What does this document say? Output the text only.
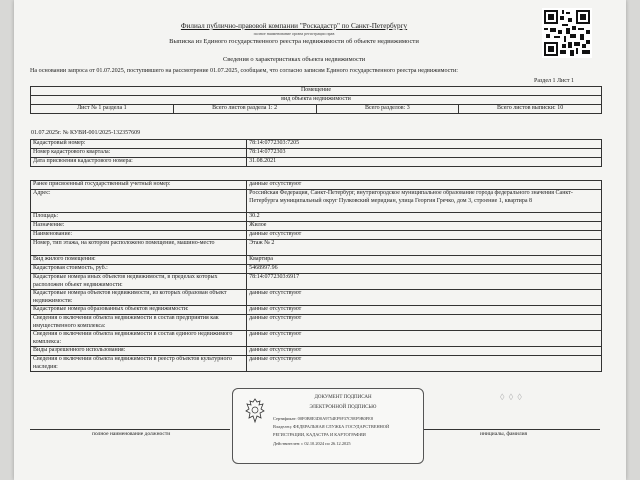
Филиал публично-правовой компании "Роскадастр" по Санкт-Петербургу
полное наименование органа регистрации прав
Выписка из Единого государственного реестра недвижимости об объекте недвижимости
Сведения о характеристиках объекта недвижимости
На основании запроса от 01.07.2025, поступившего на рассмотрение 01.07.2025, сообщаем, что согласно записям Единого государственного реестра недвижимости:
Раздел 1 Лист 1
Помещение
вид объекта недвижимости
Лист № 1 раздела 1	Всего листов раздела 1: 2	Всего разделов: 3	Всего листов выписки: 10
01.07.2025г. № КУВИ-001/2025-132357609
Кадастровый номер:	78:14:0772303:7205
Номер кадастрового квартала:	78:14:0772303
Дата присвоения кадастрового номера:	31.08.2021
Ранее присвоенный государственный учетный номер:	данные отсутствуют
Адрес:	Российская Федерация, Санкт-Петербург, внутригородское муниципальное образование города федерального значения Санкт-Петербурга муниципальный округ Пулковский меридиан, улица Георгия Гречко, дом 3, строение 1, квартира 8
Площадь:	30.2
Назначение:	Жилое
Наименование:	данные отсутствуют
Номер, тип этажа, на котором расположено помещение, машино-место	Этаж № 2
Вид жилого помещения:	Квартира
Кадастровая стоимость, руб.:	5468997.96
Кадастровые номера иных объектов недвижимости, в пределах которых расположен объект недвижимости:	78:14:0772303:6917
Кадастровые номера объектов недвижимости, из которых образован объект недвижимости:	данные отсутствуют
Кадастровые номера образованных объектов недвижимости:	данные отсутствуют
Сведения о включении объекта недвижимости в состав предприятия как имущественного комплекса:	данные отсутствуют
Сведения о включении объекта недвижимости в состав единого недвижимого комплекса:	данные отсутствуют
Виды разрешенного использования:	данные отсутствуют
Сведения о включении объекта недвижимости в реестр объектов культурного наследия:	данные отсутствуют
◊ ◊ ◊
ДОКУМЕНТ ПОДПИСАН
ЭЛЕКТРОННОЙ ПОДПИСЬЮ
Сертификат: 00F0B8E3D0A9754EF9F37C9EF9B0FE8
Владелец: ФЕДЕРАЛЬНАЯ СЛУЖБА ГОСУДАРСТВЕННОЙ
РЕГИСТРАЦИИ, КАДАСТРА И КАРТОГРАФИИ
Действителен: с 02.10.2024 по 26.12.2025
полное наименование должности	инициалы, фамилия
